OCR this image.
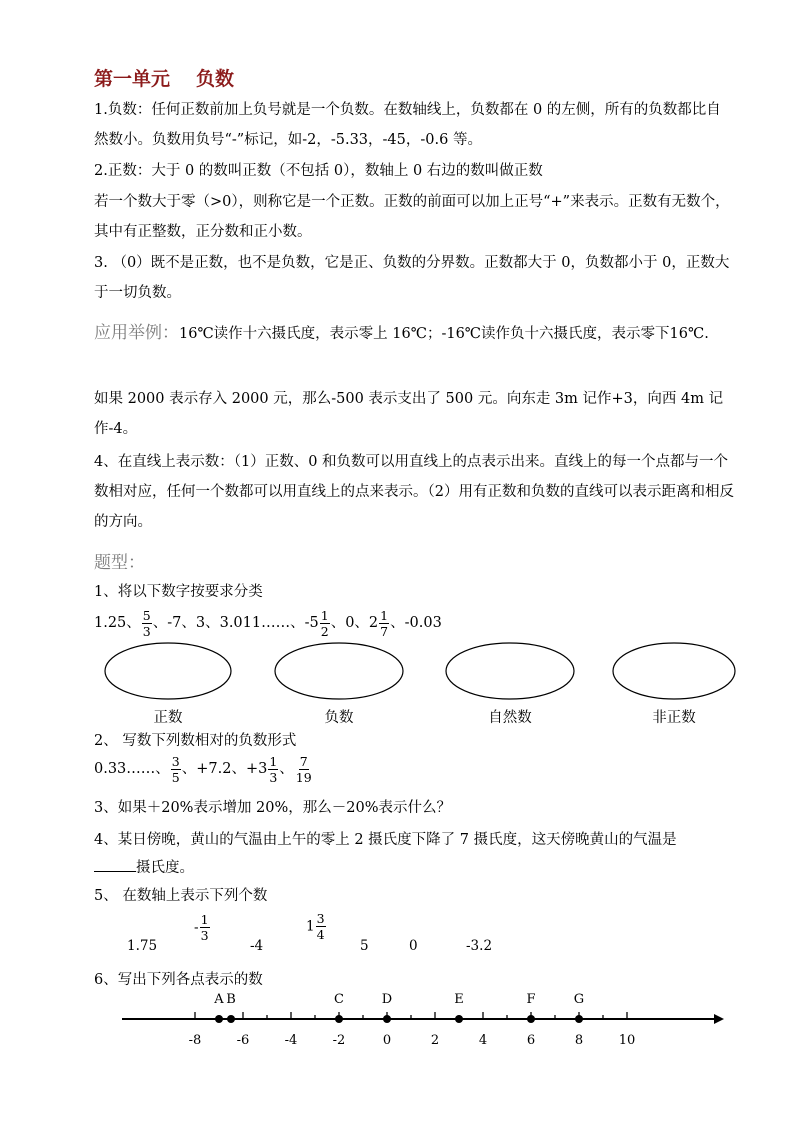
第一单元 负数
1.负数：任何正数前加上负号就是一个负数。在数轴线上，负数都在 0 的左侧，所有的负数都比自然数小。负数用负号“-”标记，如-2，-5.33，-45，-0.6 等。
2.正数：大于 0 的数叫正数（不包括 0），数轴上 0 右边的数叫做正数
若一个数大于零（>0），则称它是一个正数。正数的前面可以加上正号“+”来表示。正数有无数个，其中有正整数，正分数和正小数。
3. （0）既不是正数，也不是负数，它是正、负数的分界数。正数都大于 0，负数都小于 0，正数大于一切负数。
应用举例：16℃读作十六摄氏度，表示零上 16℃；-16℃读作负十六摄氏度，表示零下16℃.
如果 2000 表示存入 2000 元，那么-500 表示支出了 500 元。向东走 3m 记作+3，向西 4m 记作-4。
4、在直线上表示数：（1）正数、0 和负数可以用直线上的点表示出来。直线上的每一个点都与一个数相对应，任何一个数都可以用直线上的点来表示。（2）用有正数和负数的直线可以表示距离和相反的方向。
题型：
1、将以下数字按要求分类
1.25、 $\frac{5}{3}$ 、-7、3、3.011……、$-5 \frac{1}{2}$ 、0、$2 \frac{1}{7}$ 、-0.03
正数	负数	自然数	非正数
2、 写数下列数相对的负数形式
0.33……、 $\frac{3}{5}$ 、+7.2、$+3 \frac{1}{3}$ 、 $\frac{7}{19}$
3、如果＋20%表示增加 20%，那么－20%表示什么？
4、某日傍晚，黄山的气温由上午的零上 2 摄氏度下降了 7 摄氏度，这天傍晚黄山的气温是
摄氏度。
5、 在数轴上表示下列个数
1.75
- $\frac{1}{3}$
-4
$1 \frac{3}{4}$
5	0	-3.2
6、写出下列各点表示的数
-8	-6	-4	-2	0	2	4	6	8	10
A B	C	D	E	F	G
